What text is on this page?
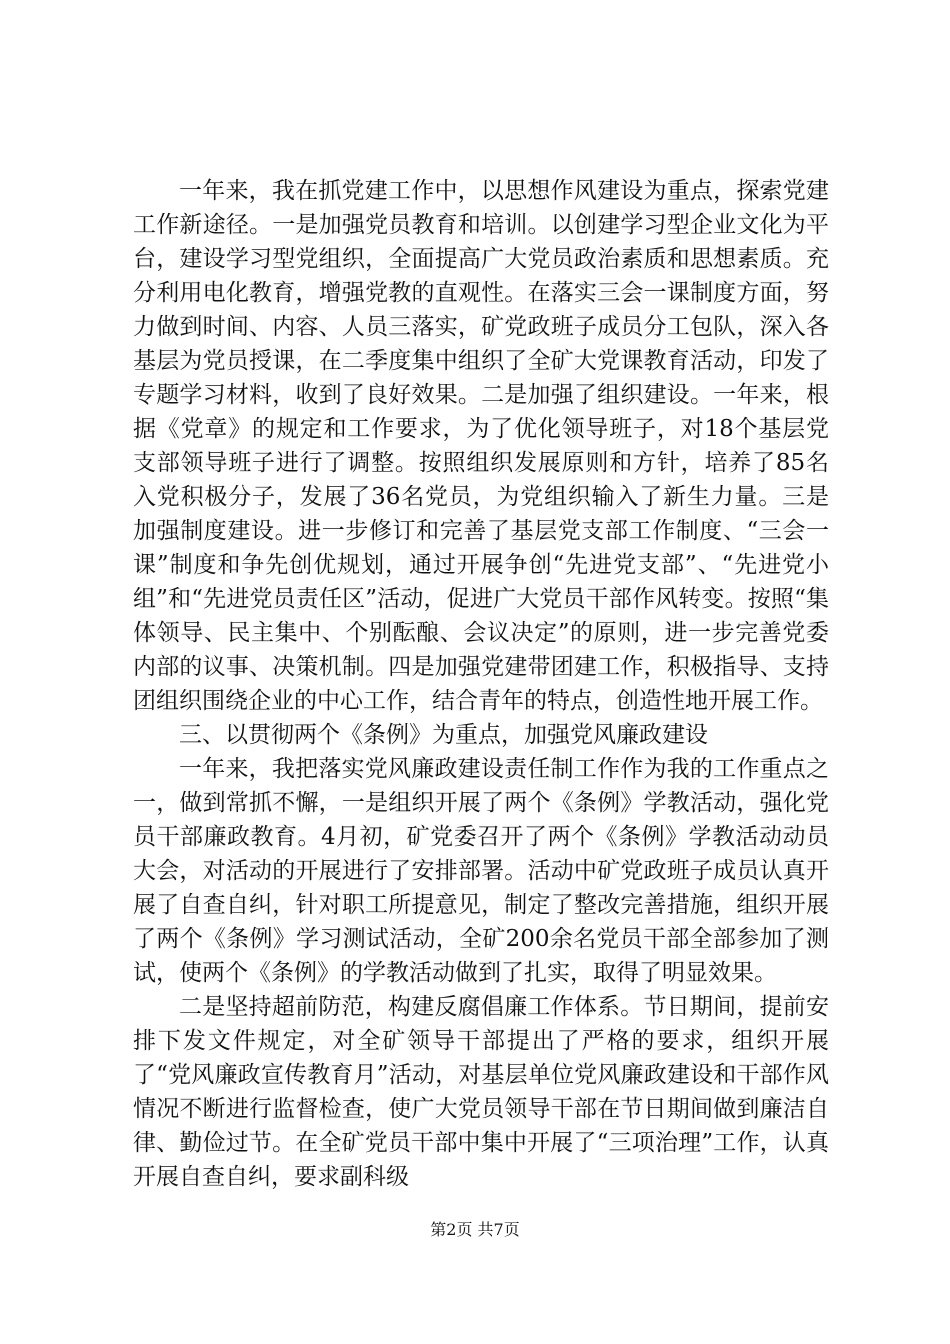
一年来，我在抓党建工作中，以思想作风建设为重点，探索党建工作新途径。一是加强党员教育和培训。以创建学习型企业文化为平台，建设学习型党组织，全面提高广大党员政治素质和思想素质。充分利用电化教育，增强党教的直观性。在落实三会一课制度方面，努力做到时间、内容、人员三落实，矿党政班子成员分工包队，深入各基层为党员授课，在二季度集中组织了全矿大党课教育活动，印发了专题学习材料，收到了良好效果。二是加强了组织建设。一年来，根据《党章》的规定和工作要求，为了优化领导班子，对18个基层党支部领导班子进行了调整。按照组织发展原则和方针，培养了85名入党积极分子，发展了36名党员，为党组织输入了新生力量。三是加强制度建设。进一步修订和完善了基层党支部工作制度、“三会一课”制度和争先创优规划，通过开展争创“先进党支部”、“先进党小组”和“先进党员责任区”活动，促进广大党员干部作风转变。按照“集体领导、民主集中、个别酝酿、会议决定”的原则，进一步完善党委内部的议事、决策机制。四是加强党建带团建工作，积极指导、支持团组织围绕企业的中心工作，结合青年的特点，创造性地开展工作。

三、以贯彻两个《条例》为重点，加强党风廉政建设

一年来，我把落实党风廉政建设责任制工作作为我的工作重点之一，做到常抓不懈，一是组织开展了两个《条例》学教活动，强化党员干部廉政教育。4月初，矿党委召开了两个《条例》学教活动动员大会，对活动的开展进行了安排部署。活动中矿党政班子成员认真开展了自查自纠，针对职工所提意见，制定了整改完善措施，组织开展了两个《条例》学习测试活动，全矿200余名党员干部全部参加了测试，使两个《条例》的学教活动做到了扎实，取得了明显效果。

二是坚持超前防范，构建反腐倡廉工作体系。节日期间，提前安排下发文件规定，对全矿领导干部提出了严格的要求，组织开展了“党风廉政宣传教育月”活动，对基层单位党风廉政建设和干部作风情况不断进行监督检查，使广大党员领导干部在节日期间做到廉洁自律、勤俭过节。在全矿党员干部中集中开展了“三项治理”工作，认真开展自查自纠，要求副科级

第2页 共7页
